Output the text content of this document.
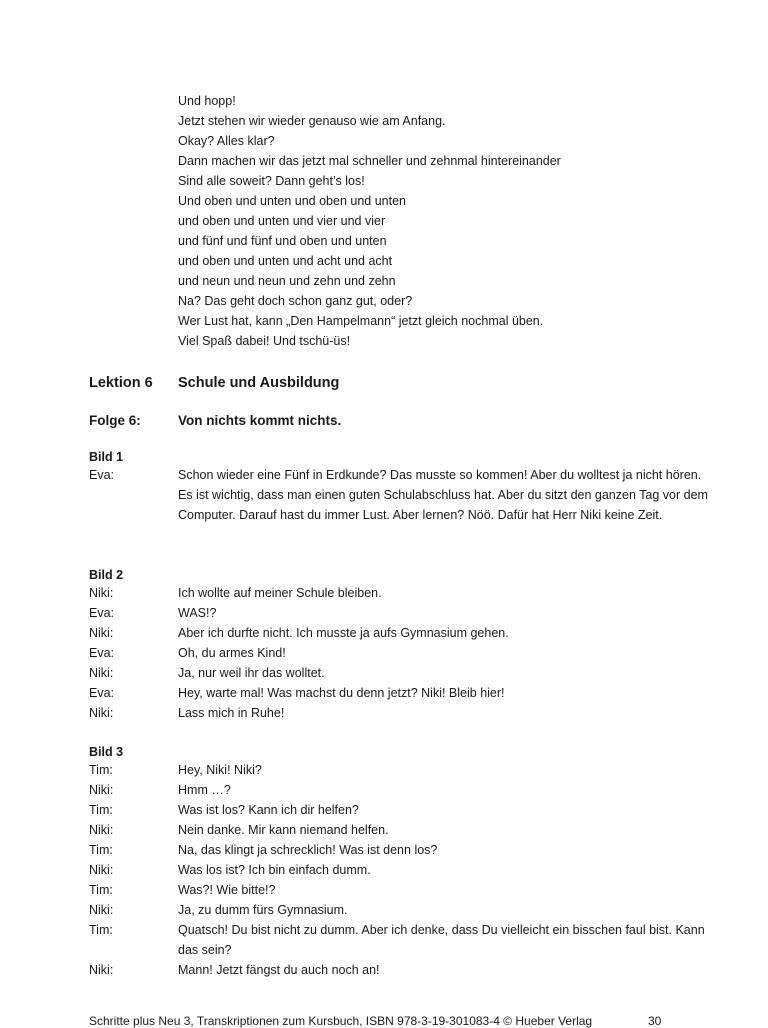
Und hopp!
Jetzt stehen wir wieder genauso wie am Anfang.
Okay? Alles klar?
Dann machen wir das jetzt mal schneller und zehnmal hintereinander
Sind alle soweit? Dann geht’s los!
Und oben und unten und oben und unten
und oben und unten und vier und vier
und fünf und fünf und oben und unten
und oben und unten und acht und acht
und neun und neun und zehn und zehn
Na? Das geht doch schon ganz gut, oder?
Wer Lust hat, kann „Den Hampelmann“ jetzt gleich nochmal üben.
Viel Spaß dabei! Und tschü-üs!
Lektion 6	Schule und Ausbildung
Folge 6:	Von nichts kommt nichts.
Bild 1
Eva:	Schon wieder eine Fünf in Erdkunde? Das musste so kommen! Aber du wolltest ja nicht hören. Es ist wichtig, dass man einen guten Schulabschluss hat. Aber du sitzt den ganzen Tag vor dem Computer. Darauf hast du immer Lust. Aber lernen? Nöö. Dafür hat Herr Niki keine Zeit.
Bild 2
Niki:	Ich wollte auf meiner Schule bleiben.
Eva:	WAS!?
Niki:	Aber ich durfte nicht. Ich musste ja aufs Gymnasium gehen.
Eva:	Oh, du armes Kind!
Niki:	Ja, nur weil ihr das wolltet.
Eva:	Hey, warte mal! Was machst du denn jetzt? Niki! Bleib hier!
Niki:	Lass mich in Ruhe!
Bild 3
Tim:	Hey, Niki! Niki?
Niki:	Hmm …?
Tim:	Was ist los? Kann ich dir helfen?
Niki:	Nein danke. Mir kann niemand helfen.
Tim:	Na, das klingt ja schrecklich! Was ist denn los?
Niki:	Was los ist? Ich bin einfach dumm.
Tim:	Was?! Wie bitte!?
Niki:	Ja, zu dumm fürs Gymnasium.
Tim:	Quatsch! Du bist nicht zu dumm. Aber ich denke, dass Du vielleicht ein bisschen faul bist. Kann das sein?
Niki:	Mann! Jetzt fängst du auch noch an!
Schritte plus Neu 3, Transkriptionen zum Kursbuch, ISBN 978-3-19-301083-4 © Hueber Verlag	30
